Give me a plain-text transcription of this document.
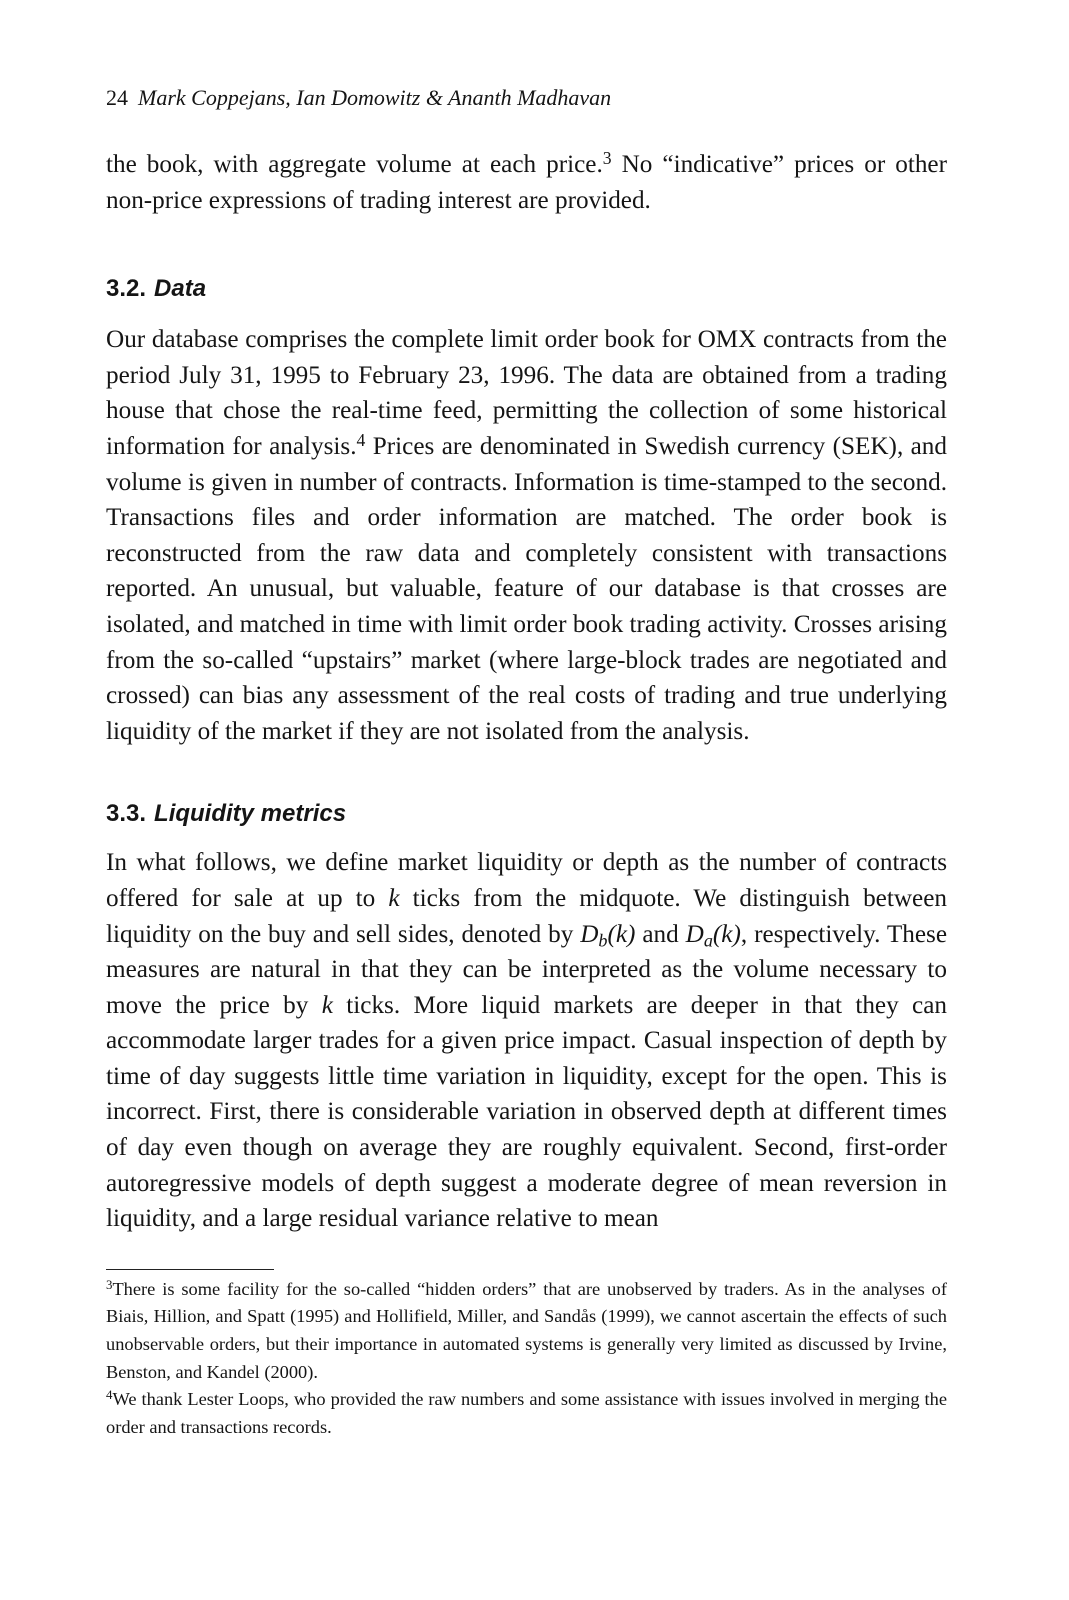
24 Mark Coppejans, Ian Domowitz & Ananth Madhavan

the book, with aggregate volume at each price.$^3$ No “indicative” prices or other non-price expressions of trading interest are provided.

3.2. Data

Our database comprises the complete limit order book for OMX contracts from the period July 31, 1995 to February 23, 1996. The data are obtained from a trading house that chose the real-time feed, permitting the collection of some historical information for analysis.$^4$ Prices are denominated in Swedish currency (SEK), and volume is given in number of contracts. Information is time-stamped to the second. Transactions files and order information are matched. The order book is reconstructed from the raw data and completely consistent with transactions reported. An unusual, but valuable, feature of our database is that crosses are isolated, and matched in time with limit order book trading activity. Crosses arising from the so-called “upstairs” market (where large-block trades are negotiated and crossed) can bias any assessment of the real costs of trading and true underlying liquidity of the market if they are not isolated from the analysis.

3.3. Liquidity metrics

In what follows, we define market liquidity or depth as the number of contracts offered for sale at up to k ticks from the midquote. We distinguish between liquidity on the buy and sell sides, denoted by $D_b(k)$ and $D_a(k)$, respectively. These measures are natural in that they can be interpreted as the volume necessary to move the price by k ticks. More liquid markets are deeper in that they can accommodate larger trades for a given price impact. Casual inspection of depth by time of day suggests little time variation in liquidity, except for the open. This is incorrect. First, there is considerable variation in observed depth at different times of day even though on average they are roughly equivalent. Second, first-order autoregressive models of depth suggest a moderate degree of mean reversion in liquidity, and a large residual variance relative to mean

$^3$There is some facility for the so-called “hidden orders” that are unobserved by traders. As in the analyses of Biais, Hillion, and Spatt (1995) and Hollifield, Miller, and Sandås (1999), we cannot ascertain the effects of such unobservable orders, but their importance in automated systems is generally very limited as discussed by Irvine, Benston, and Kandel (2000).

$^4$We thank Lester Loops, who provided the raw numbers and some assistance with issues involved in merging the order and transactions records.
